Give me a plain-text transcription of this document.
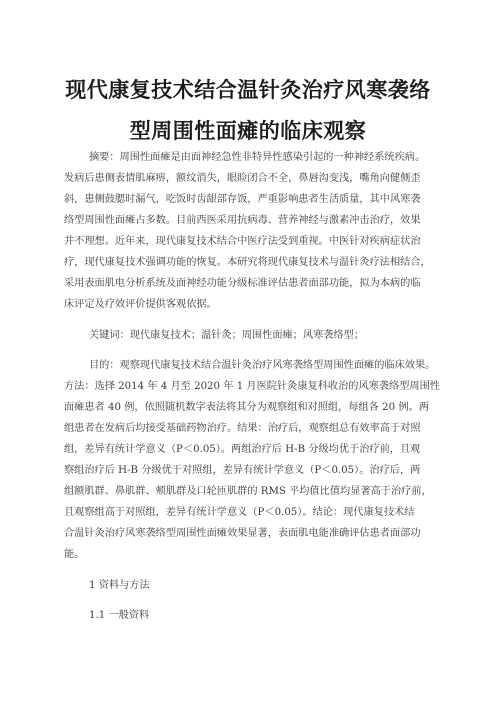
现代康复技术结合温针灸治疗风寒袭络
型周围性面瘫的临床观察
摘要：周围性面瘫是由面神经急性非特异性感染引起的一种神经系统疾病。
发病后患侧表情肌麻痹，额纹消失，眼睑闭合不全，鼻唇沟变浅，嘴角向健侧歪
斜，患侧鼓腮时漏气，吃饭时齿龈部存饭，严重影响患者生活质量，其中风寒袭
络型周围性面瘫占多数。目前西医采用抗病毒、营养神经与激素冲击治疗，效果
并不理想。近年来，现代康复技术结合中医疗法受到重视。中医针对疾病症状治
疗，现代康复技术强调功能的恢复。本研究将现代康复技术与温针灸疗法相结合，
采用表面肌电分析系统及面神经功能分级标准评估患者面部功能，拟为本病的临
床评定及疗效评价提供客观依据。
关键词：现代康复技术；温针灸；周围性面瘫；风寒袭络型；
目的：观察现代康复技术结合温针灸治疗风寒袭络型周围性面瘫的临床效果。
方法：选择 2014 年 4 月至 2020 年 1 月医院针灸康复科收治的风寒袭络型周围性
面瘫患者 40 例，依照随机数字表法将其分为观察组和对照组，每组各 20 例。两
组患者在发病后均接受基础药物治疗。结果：治疗后，观察组总有效率高于对照
组，差异有统计学意义（P＜0.05）。两组治疗后 H-B 分级均优于治疗前，且观
察组治疗后 H-B 分级优于对照组，差异有统计学意义（P＜0.05）。治疗后，两
组额肌群、鼻肌群、颊肌群及口轮匝肌群的 RMS 平均值比值均显著高于治疗前，
且观察组高于对照组，差异有统计学意义（P＜0.05）。结论：现代康复技术结
合温针灸治疗风寒袭络型周围性面瘫效果显著，表面肌电能准确评估患者面部功
能。
1 资料与方法
1.1 一般资料
